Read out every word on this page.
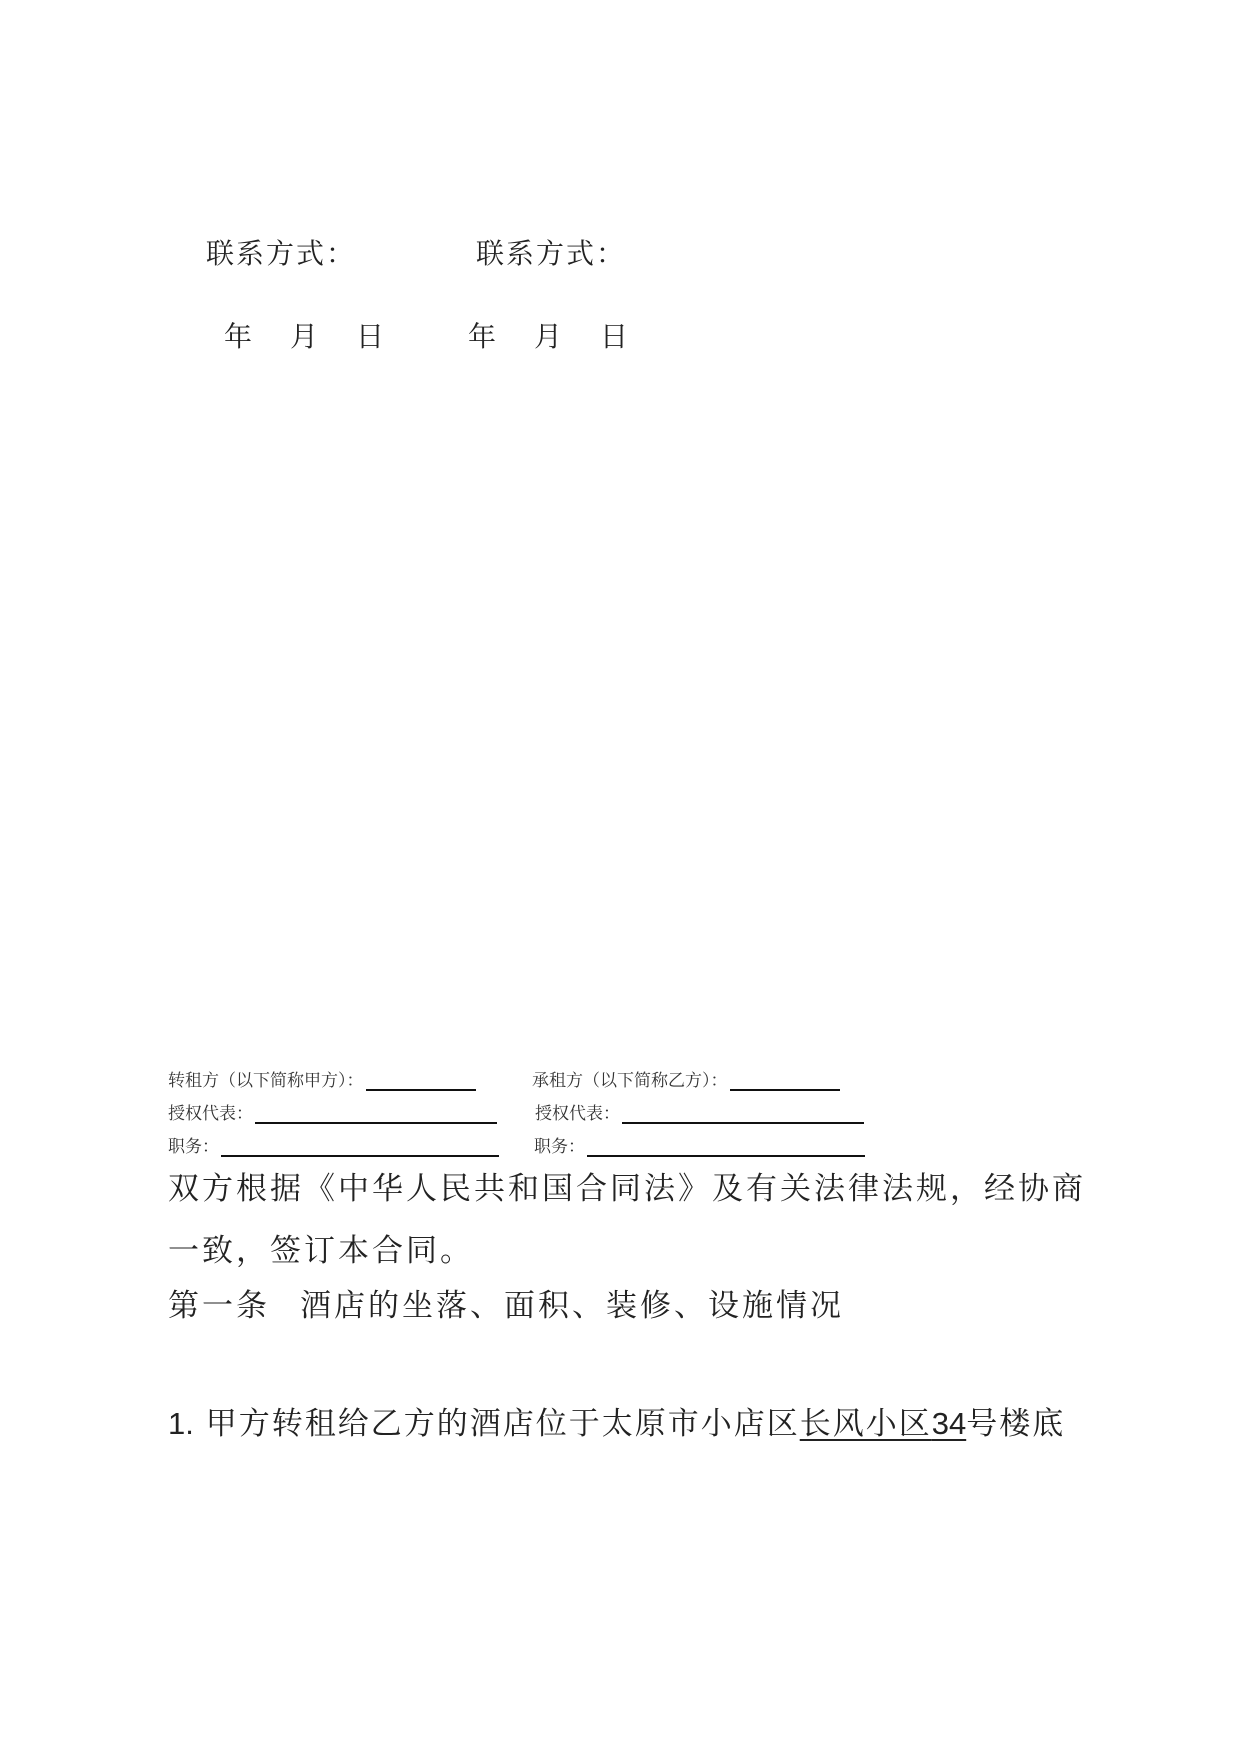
联系方式：	联系方式：
年 月 日	年 月 日
转租方（以下简称甲方）：	承租方（以下简称乙方）：
授权代表：	授权代表：
职务：	职务：
双方根据《中华人民共和国合同法》及有关法律法规，经协商
一致，签订本合同。
第一条 酒店的坐落、面积、装修、设施情况
1. 甲方转租给乙方的酒店位于太原市小店区长风小区34号楼底
